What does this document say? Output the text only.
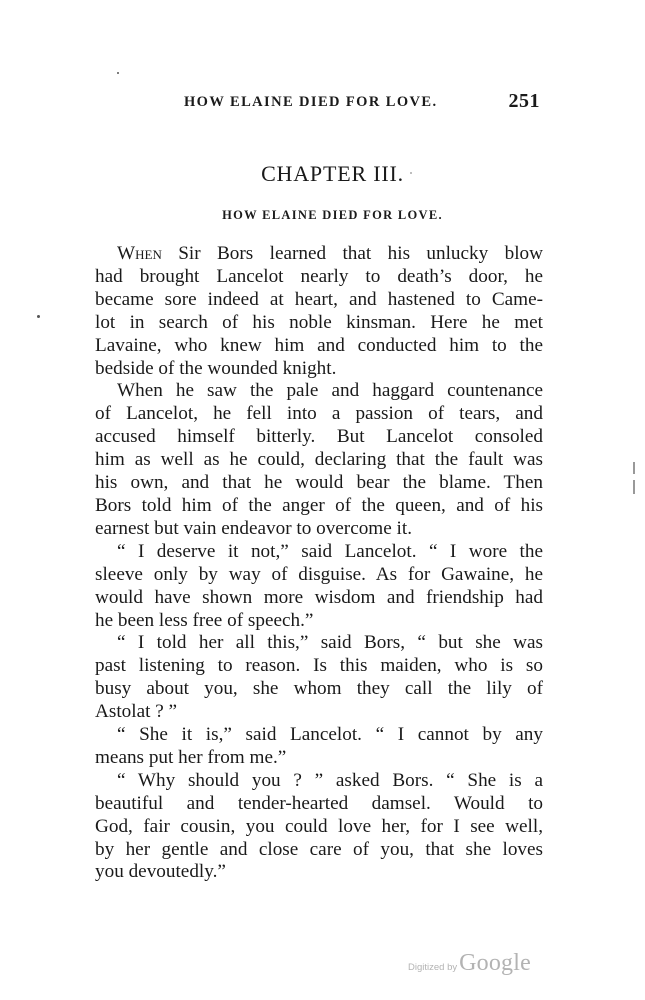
HOW ELAINE DIED FOR LOVE.	251
CHAPTER III.
HOW ELAINE DIED FOR LOVE.

When Sir Bors learned that his unlucky blow
had brought Lancelot nearly to death’s door, he
became sore indeed at heart, and hastened to Came-
lot in search of his noble kinsman. Here he met
Lavaine, who knew him and conducted him to the
bedside of the wounded knight.

When he saw the pale and haggard countenance
of Lancelot, he fell into a passion of tears, and
accused himself bitterly. But Lancelot consoled
him as well as he could, declaring that the fault was
his own, and that he would bear the blame. Then
Bors told him of the anger of the queen, and of his
earnest but vain endeavor to overcome it.

“ I deserve it not,” said Lancelot. “ I wore the
sleeve only by way of disguise. As for Gawaine, he
would have shown more wisdom and friendship had
he been less free of speech.”

“ I told her all this,” said Bors, “ but she was
past listening to reason. Is this maiden, who is so
busy about you, she whom they call the lily of
Astolat ? ”

“ She it is,” said Lancelot. “ I cannot by any
means put her from me.”

“ Why should you ? ” asked Bors. “ She is a
beautiful and tender-hearted damsel. Would to
God, fair cousin, you could love her, for I see well,
by her gentle and close care of you, that she loves
you devoutedly.”

Digitized by Google
